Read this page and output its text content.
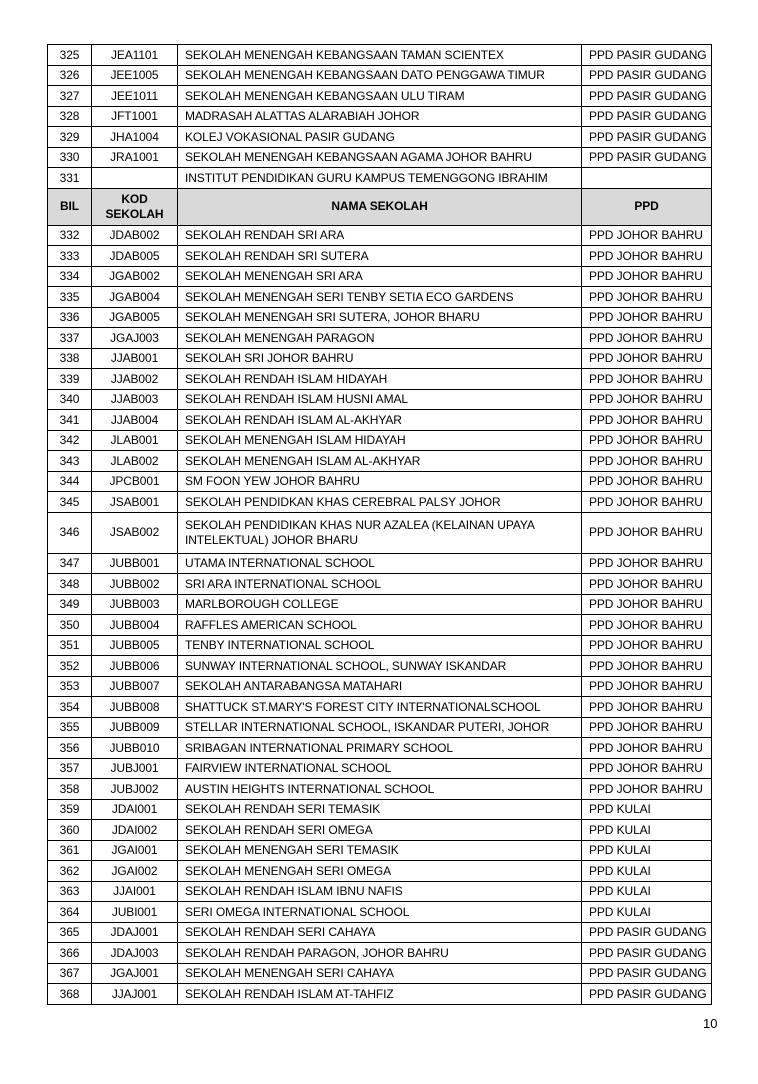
325	JEA1101	SEKOLAH MENENGAH KEBANGSAAN TAMAN SCIENTEX	PPD PASIR GUDANG
326	JEE1005	SEKOLAH MENENGAH KEBANGSAAN DATO PENGGAWA TIMUR	PPD PASIR GUDANG
327	JEE1011	SEKOLAH MENENGAH KEBANGSAAN ULU TIRAM	PPD PASIR GUDANG
328	JFT1001	MADRASAH ALATTAS ALARABIAH JOHOR	PPD PASIR GUDANG
329	JHA1004	KOLEJ VOKASIONAL PASIR GUDANG	PPD PASIR GUDANG
330	JRA1001	SEKOLAH MENENGAH KEBANGSAAN AGAMA JOHOR BAHRU	PPD PASIR GUDANG
331		INSTITUT PENDIDIKAN GURU KAMPUS TEMENGGONG IBRAHIM	
BIL	KOD SEKOLAH	NAMA SEKOLAH	PPD
332	JDAB002	SEKOLAH RENDAH SRI ARA	PPD JOHOR BAHRU
333	JDAB005	SEKOLAH RENDAH SRI SUTERA	PPD JOHOR BAHRU
334	JGAB002	SEKOLAH MENENGAH SRI ARA	PPD JOHOR BAHRU
335	JGAB004	SEKOLAH MENENGAH SERI TENBY SETIA ECO GARDENS	PPD JOHOR BAHRU
336	JGAB005	SEKOLAH MENENGAH SRI SUTERA, JOHOR BHARU	PPD JOHOR BAHRU
337	JGAJ003	SEKOLAH MENENGAH PARAGON	PPD JOHOR BAHRU
338	JJAB001	SEKOLAH SRI JOHOR BAHRU	PPD JOHOR BAHRU
339	JJAB002	SEKOLAH RENDAH ISLAM HIDAYAH	PPD JOHOR BAHRU
340	JJAB003	SEKOLAH RENDAH ISLAM HUSNI AMAL	PPD JOHOR BAHRU
341	JJAB004	SEKOLAH RENDAH ISLAM AL-AKHYAR	PPD JOHOR BAHRU
342	JLAB001	SEKOLAH MENENGAH ISLAM HIDAYAH	PPD JOHOR BAHRU
343	JLAB002	SEKOLAH MENENGAH ISLAM AL-AKHYAR	PPD JOHOR BAHRU
344	JPCB001	SM FOON YEW JOHOR BAHRU	PPD JOHOR BAHRU
345	JSAB001	SEKOLAH PENDIDKAN KHAS CEREBRAL PALSY JOHOR	PPD JOHOR BAHRU
346	JSAB002	SEKOLAH PENDIDIKAN KHAS NUR AZALEA (KELAINAN UPAYA INTELEKTUAL) JOHOR BHARU	PPD JOHOR BAHRU
347	JUBB001	UTAMA INTERNATIONAL SCHOOL	PPD JOHOR BAHRU
348	JUBB002	SRI ARA INTERNATIONAL SCHOOL	PPD JOHOR BAHRU
349	JUBB003	MARLBOROUGH COLLEGE	PPD JOHOR BAHRU
350	JUBB004	RAFFLES AMERICAN SCHOOL	PPD JOHOR BAHRU
351	JUBB005	TENBY INTERNATIONAL SCHOOL	PPD JOHOR BAHRU
352	JUBB006	SUNWAY INTERNATIONAL SCHOOL, SUNWAY ISKANDAR	PPD JOHOR BAHRU
353	JUBB007	SEKOLAH ANTARABANGSA MATAHARI	PPD JOHOR BAHRU
354	JUBB008	SHATTUCK ST.MARY'S FOREST CITY INTERNATIONALSCHOOL	PPD JOHOR BAHRU
355	JUBB009	STELLAR INTERNATIONAL SCHOOL, ISKANDAR PUTERI, JOHOR	PPD JOHOR BAHRU
356	JUBB010	SRIBAGAN INTERNATIONAL PRIMARY SCHOOL	PPD JOHOR BAHRU
357	JUBJ001	FAIRVIEW INTERNATIONAL SCHOOL	PPD JOHOR BAHRU
358	JUBJ002	AUSTIN HEIGHTS INTERNATIONAL SCHOOL	PPD JOHOR BAHRU
359	JDAI001	SEKOLAH RENDAH SERI TEMASIK	PPD KULAI
360	JDAI002	SEKOLAH RENDAH SERI OMEGA	PPD KULAI
361	JGAI001	SEKOLAH MENENGAH SERI TEMASIK	PPD KULAI
362	JGAI002	SEKOLAH MENENGAH SERI OMEGA	PPD KULAI
363	JJAI001	SEKOLAH RENDAH ISLAM IBNU NAFIS	PPD KULAI
364	JUBI001	SERI OMEGA INTERNATIONAL SCHOOL	PPD KULAI
365	JDAJ001	SEKOLAH RENDAH SERI CAHAYA	PPD PASIR GUDANG
366	JDAJ003	SEKOLAH RENDAH PARAGON, JOHOR BAHRU	PPD PASIR GUDANG
367	JGAJ001	SEKOLAH MENENGAH SERI CAHAYA	PPD PASIR GUDANG
368	JJAJ001	SEKOLAH RENDAH ISLAM AT-TAHFIZ	PPD PASIR GUDANG
10
